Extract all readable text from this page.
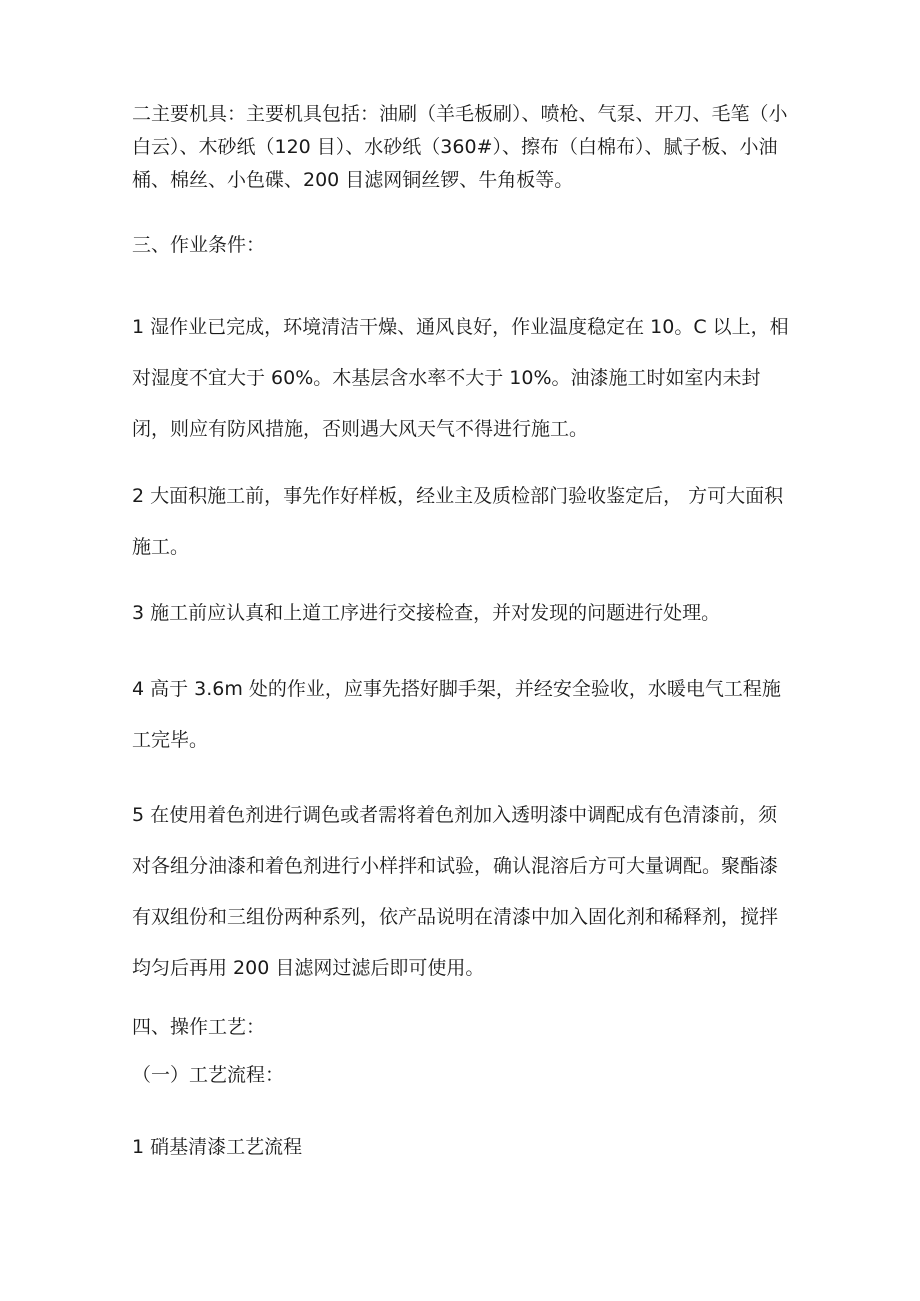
二主要机具：主要机具包括：油刷（羊毛板刷）、喷枪、气泵、开刀、毛笔（小白云）、木砂纸（120 目）、水砂纸（360#）、擦布（白棉布）、腻子板、小油桶、棉丝、小色碟、200 目滤网铜丝锣、牛角板等。

三、作业条件：

1 湿作业已完成，环境清洁干燥、通风良好，作业温度稳定在 10。C 以上，相对湿度不宜大于 60%。木基层含水率不大于 10%。油漆施工时如室内未封闭，则应有防风措施，否则遇大风天气不得进行施工。

2 大面积施工前，事先作好样板，经业主及质检部门验收鉴定后， 方可大面积施工。

3 施工前应认真和上道工序进行交接检查，并对发现的问题进行处理。

4 高于 3.6m 处的作业，应事先搭好脚手架，并经安全验收，水暖电气工程施工完毕。

5 在使用着色剂进行调色或者需将着色剂加入透明漆中调配成有色清漆前，须对各组分油漆和着色剂进行小样拌和试验，确认混溶后方可大量调配。聚酯漆有双组份和三组份两种系列，依产品说明在清漆中加入固化剂和稀释剂，搅拌均匀后再用 200 目滤网过滤后即可使用。

四、操作工艺：

（一）工艺流程：

1 硝基清漆工艺流程
